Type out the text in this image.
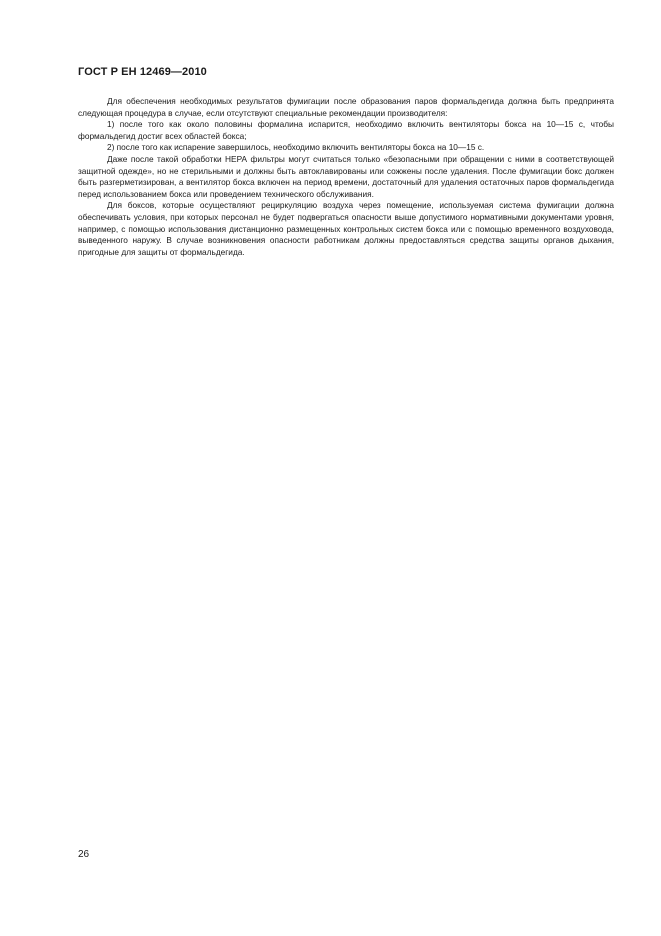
ГОСТ Р ЕН 12469—2010

Для обеспечения необходимых результатов фумигации после образования паров формальдегида должна быть предпринята следующая процедура в случае, если отсутствуют специальные рекомендации производителя:

1) после того как около половины формалина испарится, необходимо включить вентиляторы бокса на 10—15 с, чтобы формальдегид достиг всех областей бокса;

2) после того как испарение завершилось, необходимо включить вентиляторы бокса на 10—15 с.

Даже после такой обработки НЕРА фильтры могут считаться только «безопасными при обращении с ними в соответствующей защитной одежде», но не стерильными и должны быть автоклавированы или сожжены после удаления. После фумигации бокс должен быть разгерметизирован, а вентилятор бокса включен на период времени, достаточный для удаления остаточных паров формальдегида перед использованием бокса или проведением технического обслуживания.

Для боксов, которые осуществляют рециркуляцию воздуха через помещение, используемая система фумигации должна обеспечивать условия, при которых персонал не будет подвергаться опасности выше допустимого нормативными документами уровня, например, с помощью использования дистанционно размещенных контрольных систем бокса или с помощью временного воздуховода, выведенного наружу. В случае возникновения опасности работникам должны предоставляться средства защиты органов дыхания, пригодные для защиты от формальдегида.

26
